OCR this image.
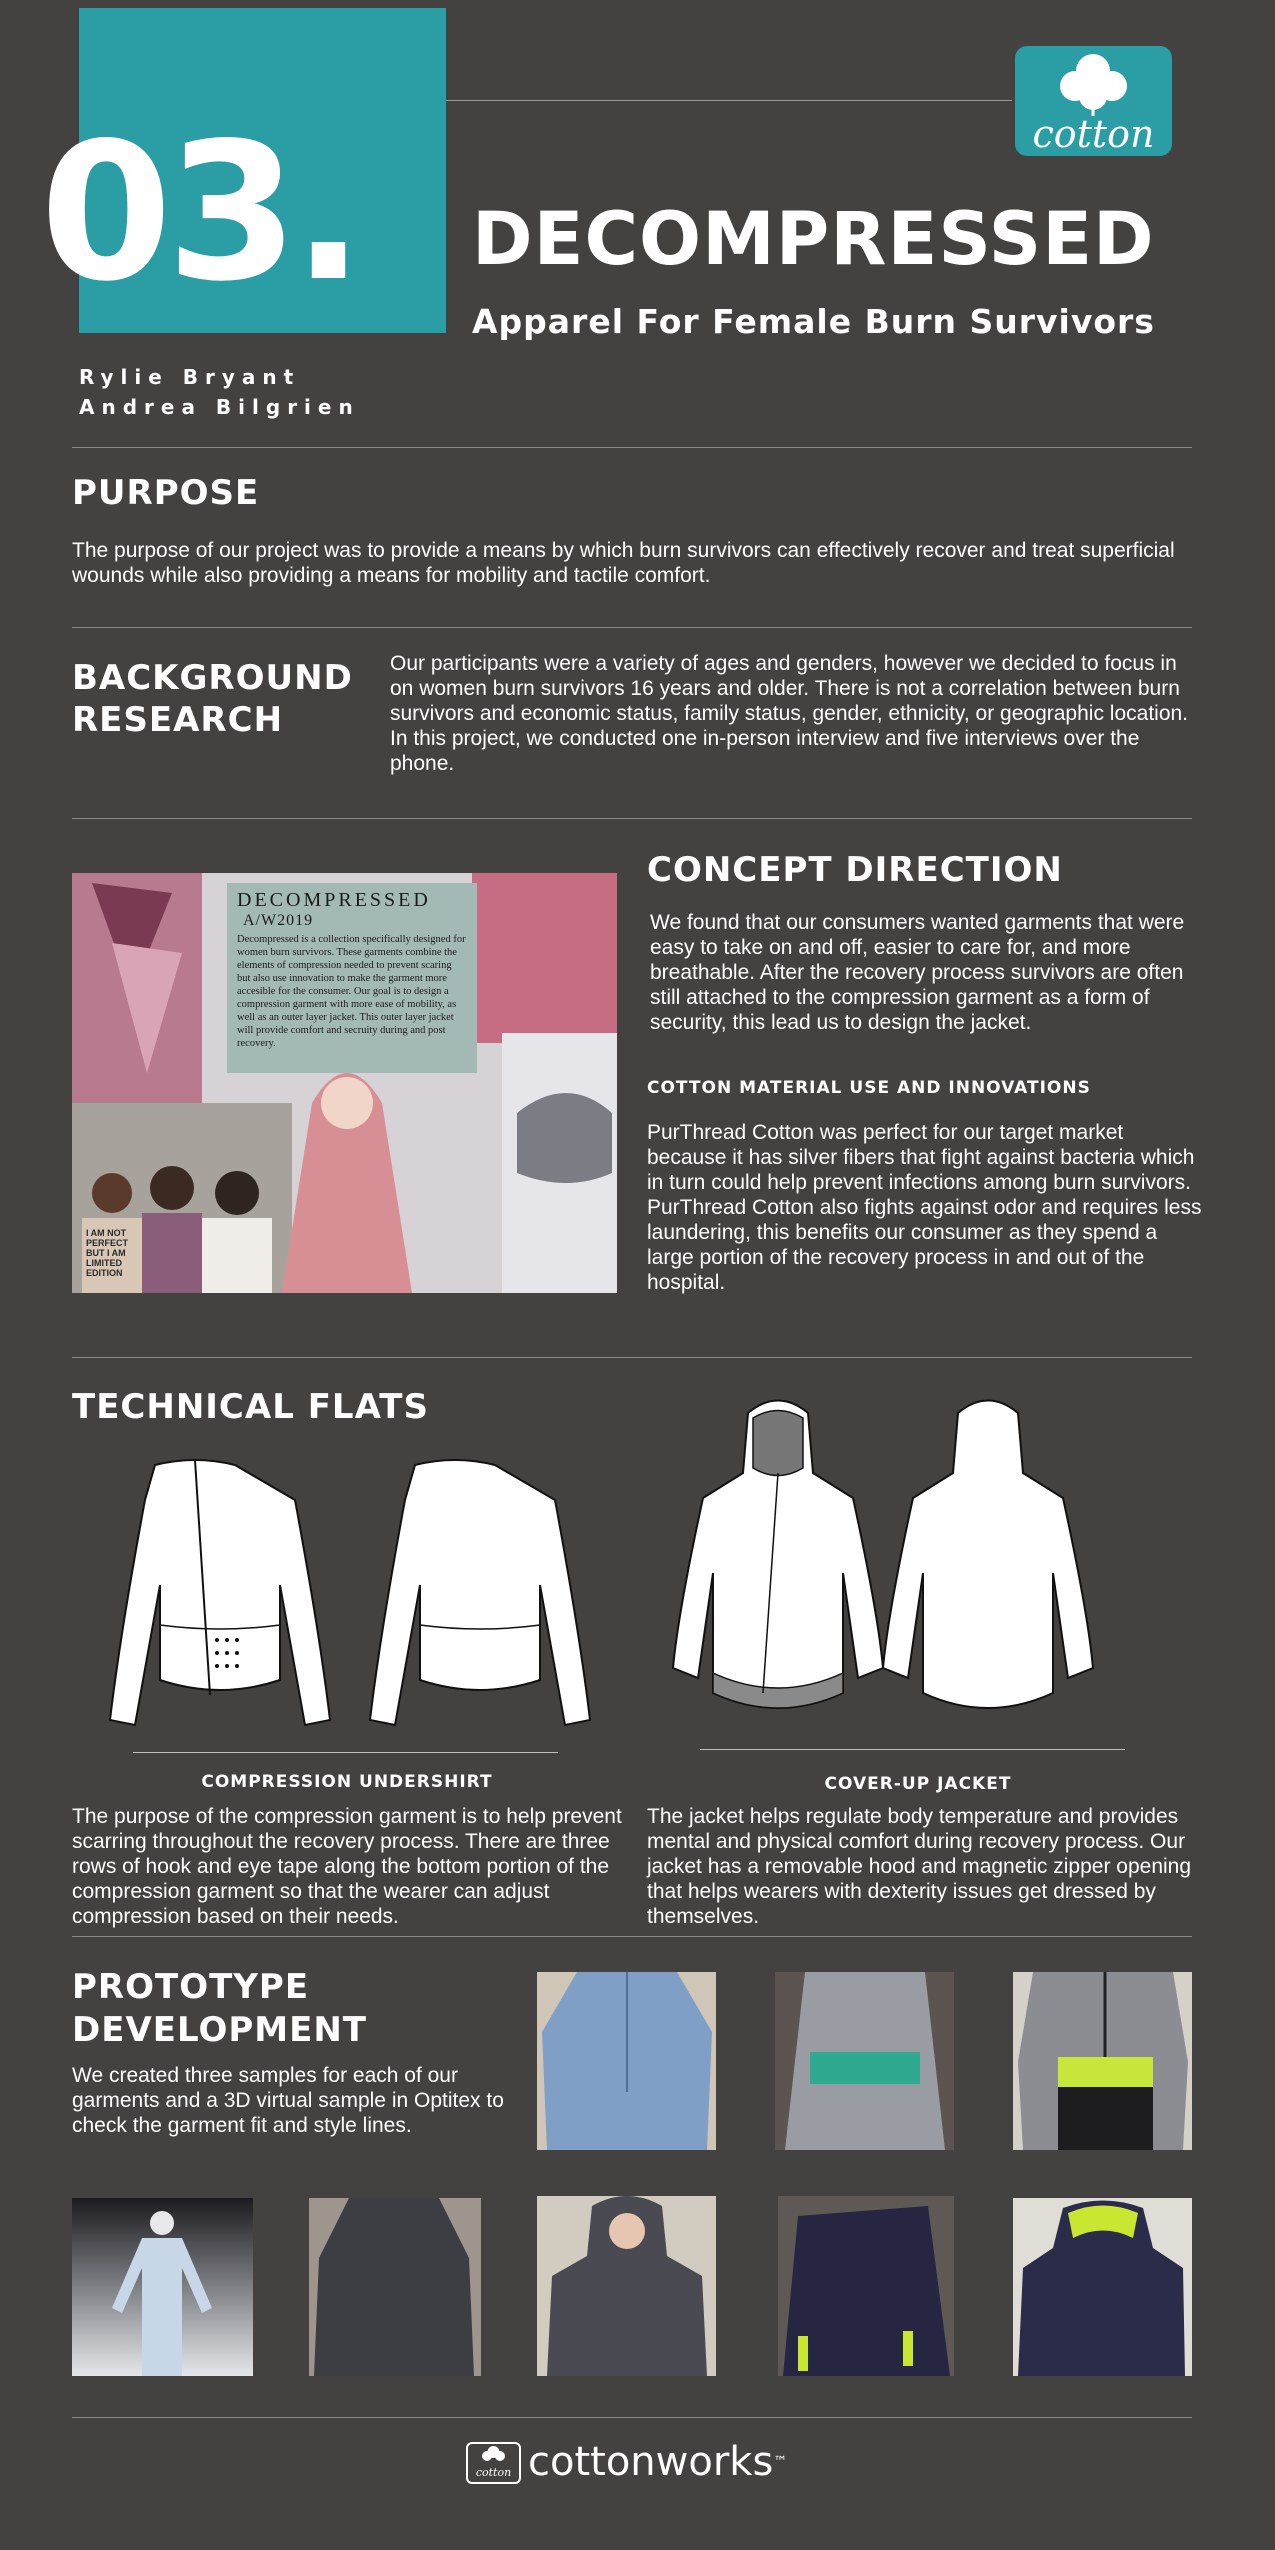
03.	cotton
DECOMPRESSED
Apparel For Female Burn Survivors
Rylie Bryant
Andrea Bilgrien
PURPOSE
The purpose of our project was to provide a means by which burn survivors can effectively recover and treat superficial wounds while also providing a means for mobility and tactile comfort.
BACKGROUND
RESEARCH
Our participants were a variety of ages and genders, however we decided to focus in on women burn survivors 16 years and older. There is not a correlation between burn survivors and economic status, family status, gender, ethnicity, or geographic location. In this project, we conducted one in-person interview and five interviews over the phone.
DECOMPRESSED A/W2019
Decompressed is a collection specifically designed for women burn survivors. These garments combine the elements of compression needed to prevent scaring but also use innovation to make the garment more accesible for the consumer. Our goal is to design a compression garment with more ease of mobility, as well as an outer layer jacket. This outer layer jacket will provide comfort and secruity during and post recovery.
I AM NOT PERFECT BUT I AM LIMITED EDITION
CONCEPT DIRECTION
We found that our consumers wanted garments that were easy to take on and off, easier to care for, and more breathable. After the recovery process survivors are often still attached to the compression garment as a form of security, this lead us to design the jacket.
COTTON MATERIAL USE AND INNOVATIONS
PurThread Cotton was perfect for our target market because it has silver fibers that fight against bacteria which in turn could help prevent infections among burn survivors. PurThread Cotton also fights against odor and requires less laundering, this benefits our consumer as they spend a large portion of the recovery process in and out of the hospital.
TECHNICAL FLATS
COMPRESSION UNDERSHIRT	COVER-UP JACKET
The purpose of the compression garment is to help prevent scarring throughout the recovery process. There are three rows of hook and eye tape along the bottom portion of the compression garment so that the wearer can adjust compression based on their needs.
The jacket helps regulate body temperature and provides mental and physical comfort during recovery process. Our jacket has a removable hood and magnetic zipper opening that helps wearers with dexterity issues get dressed by themselves.
PROTOTYPE
DEVELOPMENT
We created three samples for each of our garments and a 3D virtual sample in Optitex to check the garment fit and style lines.
cotton cottonworks™
